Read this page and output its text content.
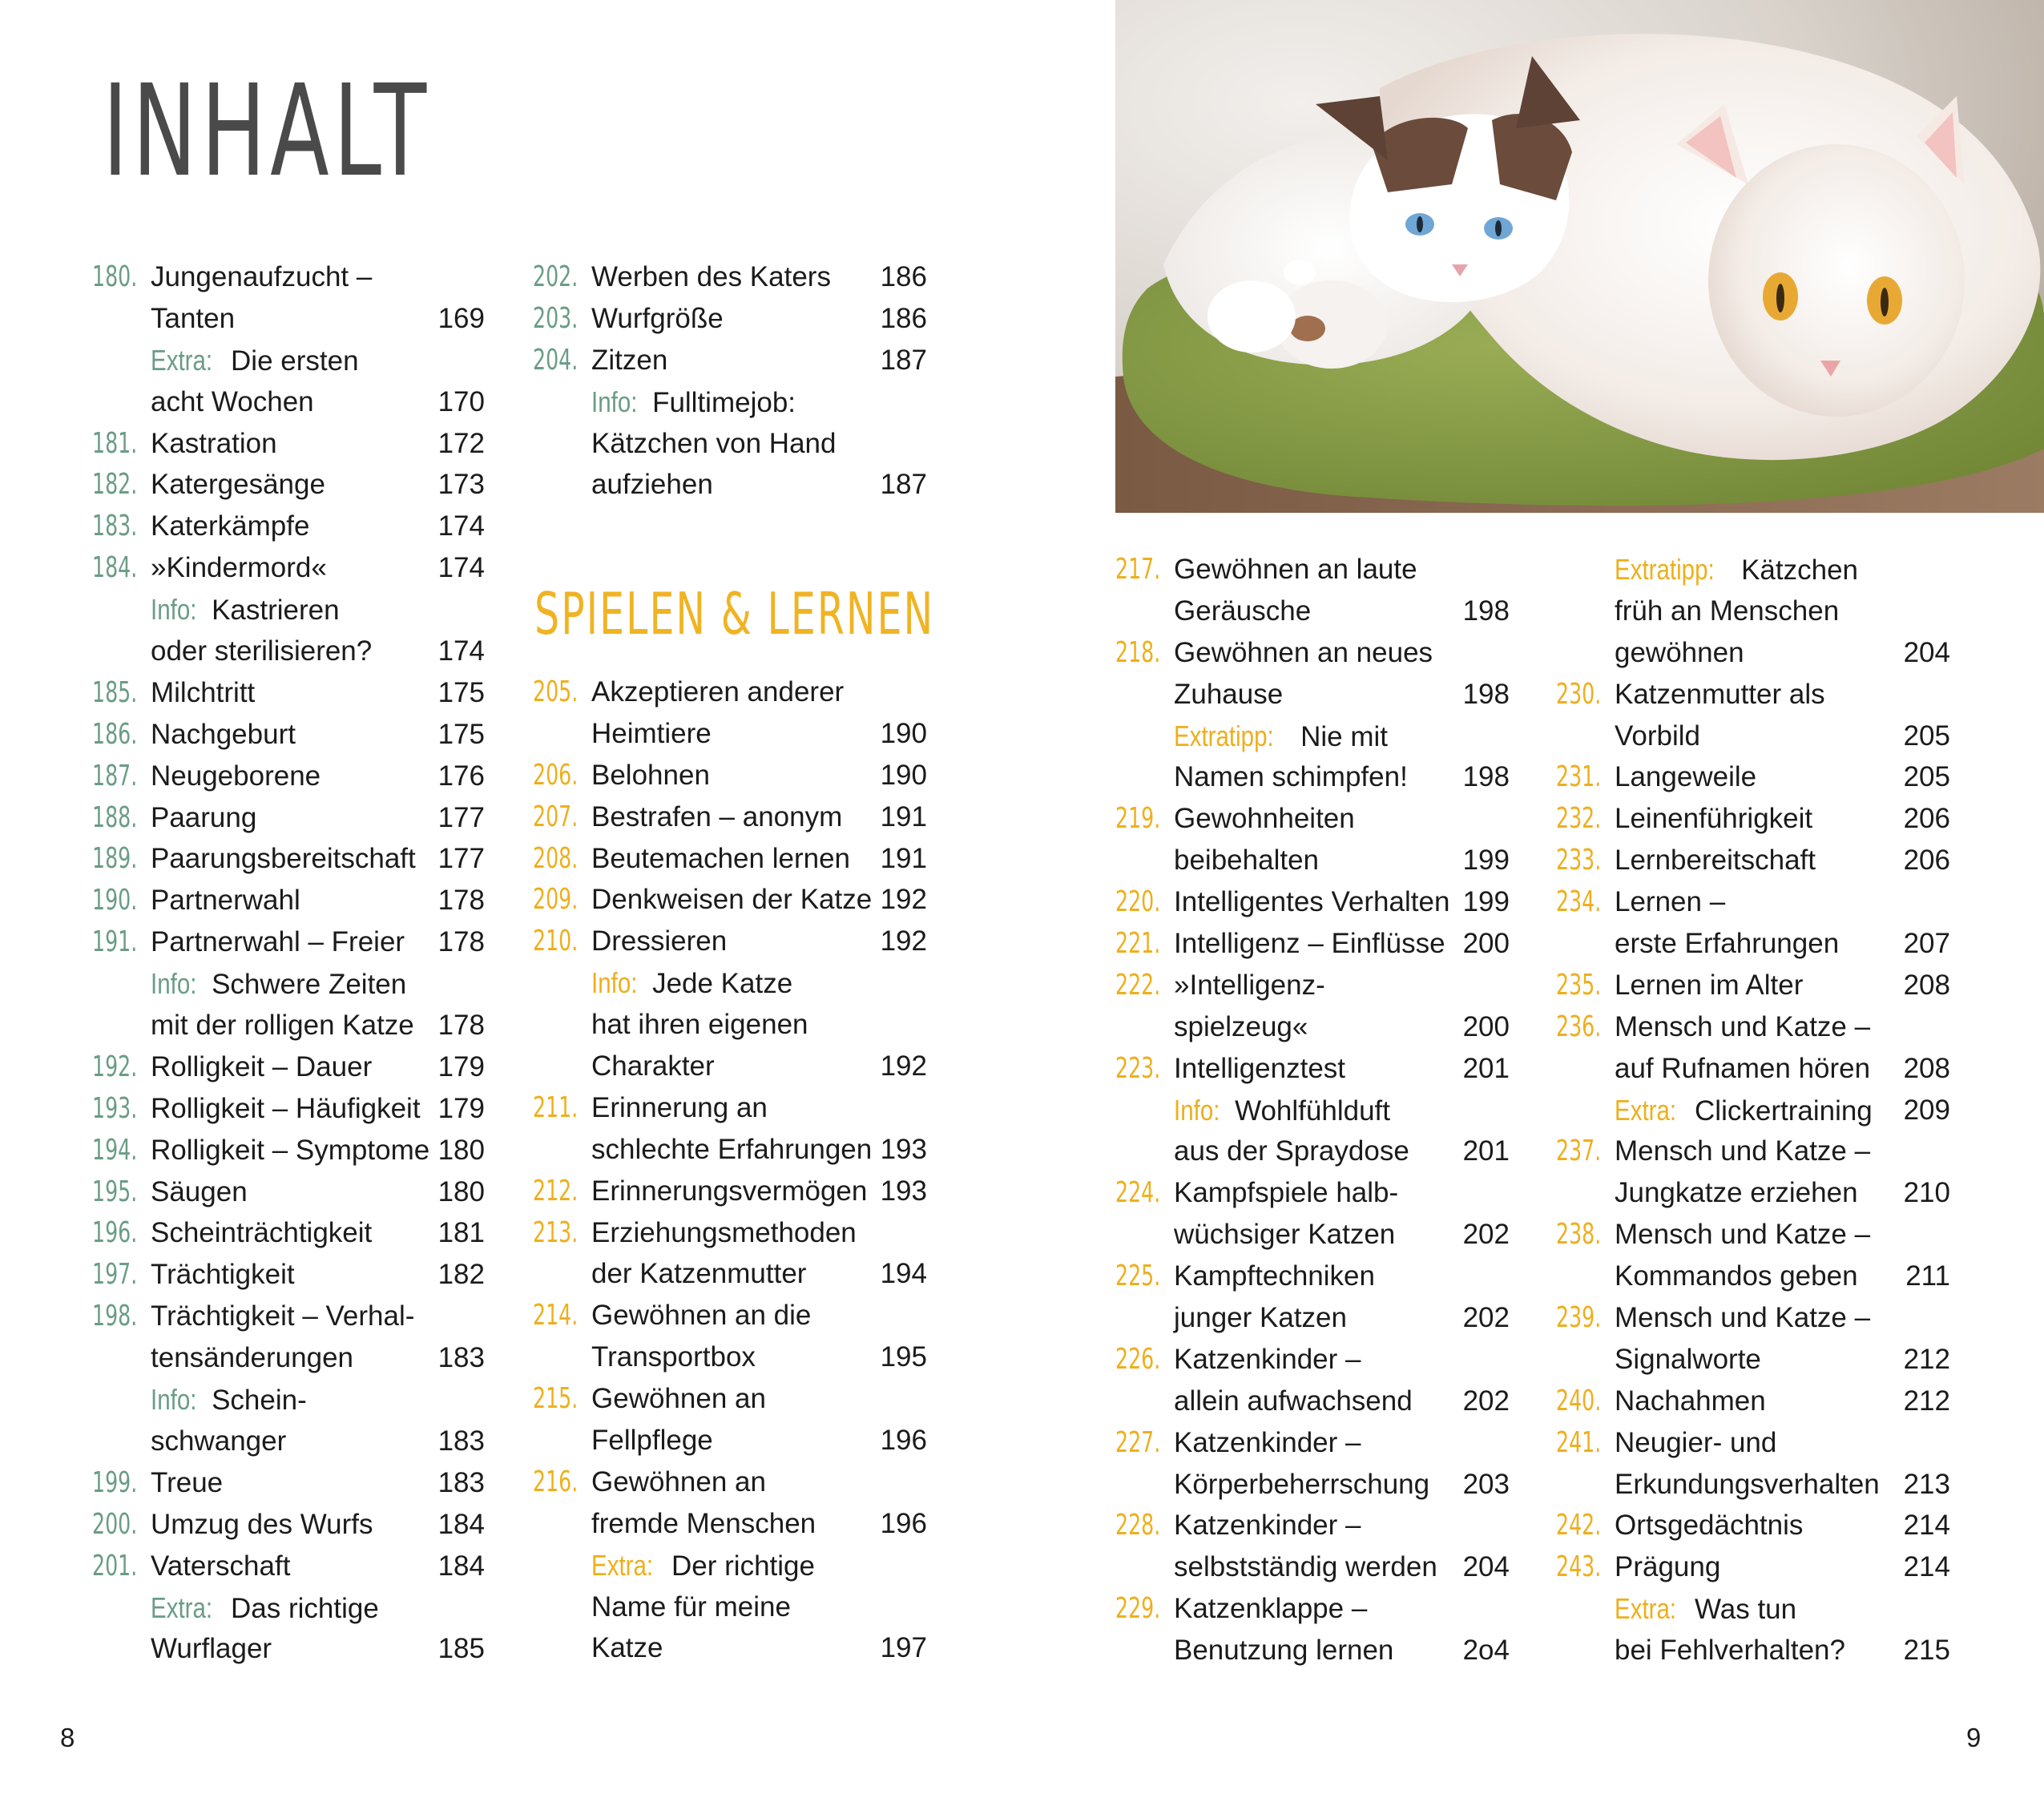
INHALT
180. Jungenaufzucht –
Tanten	169
Extra: Die ersten
acht Wochen	170
181. Kastration	172
182. Katergesänge	173
183. Katerkämpfe	174
184. »Kindermord«	174
Info: Kastrieren
oder sterilisieren? 174
185. Milchtritt	175
186. Nachgeburt	175
187. Neugeborene	176
188. Paarung	177
189. Paarungsbereitschaft 177
190. Partnerwahl	178
191. Partnerwahl – Freier 178
Info: Schwere Zeiten
mit der rolligen Katze 178
192. Rolligkeit – Dauer 179
193. Rolligkeit – Häufigkeit 179
194. Rolligkeit – Symptome 180
195. Säugen	180
196. Scheinträchtigkeit 181
197. Trächtigkeit	182
198. Trächtigkeit – Verhal-
tensänderungen	183
Info: Schein-
schwanger	183
199. Treue	183
200. Umzug des Wurfs 184
201. Vaterschaft	184
Extra: Das richtige
Wurflager	185
202. Werben des Katers 186
203. Wurfgröße	186
204. Zitzen	187
Info: Fulltimejob:
Kätzchen von Hand
aufziehen	187
SPIELEN & LERNEN
205. Akzeptieren anderer
Heimtiere	190
206. Belohnen	190
207. Bestrafen – anonym 191
208. Beutemachen lernen 191
209. Denkweisen der Katze 192
210. Dressieren	192
Info: Jede Katze
hat ihren eigenen
Charakter	192
211. Erinnerung an
schlechte Erfahrungen 193
212. Erinnerungsvermögen 193
213. Erziehungsmethoden
der Katzenmutter	194
214. Gewöhnen an die
Transportbox	195
215. Gewöhnen an
Fellpflege	196
216. Gewöhnen an
fremde Menschen 196
Extra: Der richtige
Name für meine
Katze	197
217. Gewöhnen an laute
Geräusche	198
218. Gewöhnen an neues
Zuhause	198
Extratipp: Nie mit
Namen schimpfen! 198
219. Gewohnheiten
beibehalten	199
220. Intelligentes Verhalten 199
221. Intelligenz – Einflüsse 200
222. »Intelligenz-
spielzeug«	200
223. Intelligenztest	201
Info: Wohlfühlduft
aus der Spraydose 201
224. Kampfspiele halb-
wüchsiger Katzen 202
225. Kampftechniken
junger Katzen	202
226. Katzenkinder –
allein aufwachsend 202
227. Katzenkinder –
Körperbeherrschung 203
228. Katzenkinder –
selbstständig werden 204
229. Katzenklappe –
Benutzung lernen 2o4
Extratipp: Kätzchen
früh an Menschen
gewöhnen	204
230. Katzenmutter als
Vorbild	205
231. Langeweile	205
232. Leinenführigkeit	206
233. Lernbereitschaft	206
234. Lernen –
erste Erfahrungen 207
235. Lernen im Alter	208
236. Mensch und Katze –
auf Rufnamen hören 208
Extra: Clickertraining 209
237. Mensch und Katze –
Jungkatze erziehen 210
238. Mensch und Katze –
Kommandos geben 211
239. Mensch und Katze –
Signalworte	212
240. Nachahmen	212
241. Neugier- und
Erkundungsverhalten 213
242. Ortsgedächtnis	214
243. Prägung	214
Extra: Was tun
bei Fehlverhalten? 215
8	9
